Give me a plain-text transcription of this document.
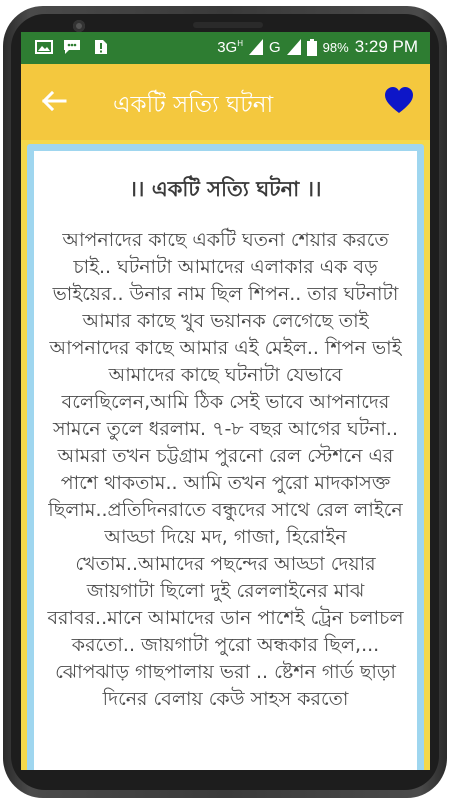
$3G^H$ G	98% 3:29 PM
একটি সত্যি ঘটনা
।। একটি সত্যি ঘটনা ।।
আপনাদের কাছে একটি ঘতনা শেয়ার করতে চাই.. ঘটনাটা আমাদের এলাকার এক বড় ভাইয়ের.. উনার নাম ছিল শিপন.. তার ঘটনাটা আমার কাছে খুব ভয়ানক লেগেছে তাই আপনাদের কাছে আমার এই মেইল.. শিপন ভাই আমাদের কাছে ঘটনাটা যেভাবে বলেছিলেন,আমি ঠিক সেই ভাবে আপনাদের সামনে তুলে ধরলাম. ৭-৮ বছর আগের ঘটনা.. আমরা তখন চট্টগ্রাম পুরনো রেল স্টেশনে এর পাশে থাকতাম.. আমি তখন পুরো মাদকাসক্ত ছিলাম..প্রতিদিনরাতে বন্ধুদের সাথে রেল লাইনে আড্ডা দিয়ে মদ, গাজা, হিরোইন খেতাম..আমাদের পছন্দের আড্ডা দেয়ার জায়গাটা ছিলো দুই রেললাইনের মাঝ বরাবর..মানে আমাদের ডান পাশেই ট্রেন চলাচল করতো.. জায়গাটা পুরো অন্ধকার ছিল,... ঝোপঝাড় গাছপালায় ভরা .. ষ্টেশন গার্ড ছাড়া দিনের বেলায় কেউ সাহস করতো
